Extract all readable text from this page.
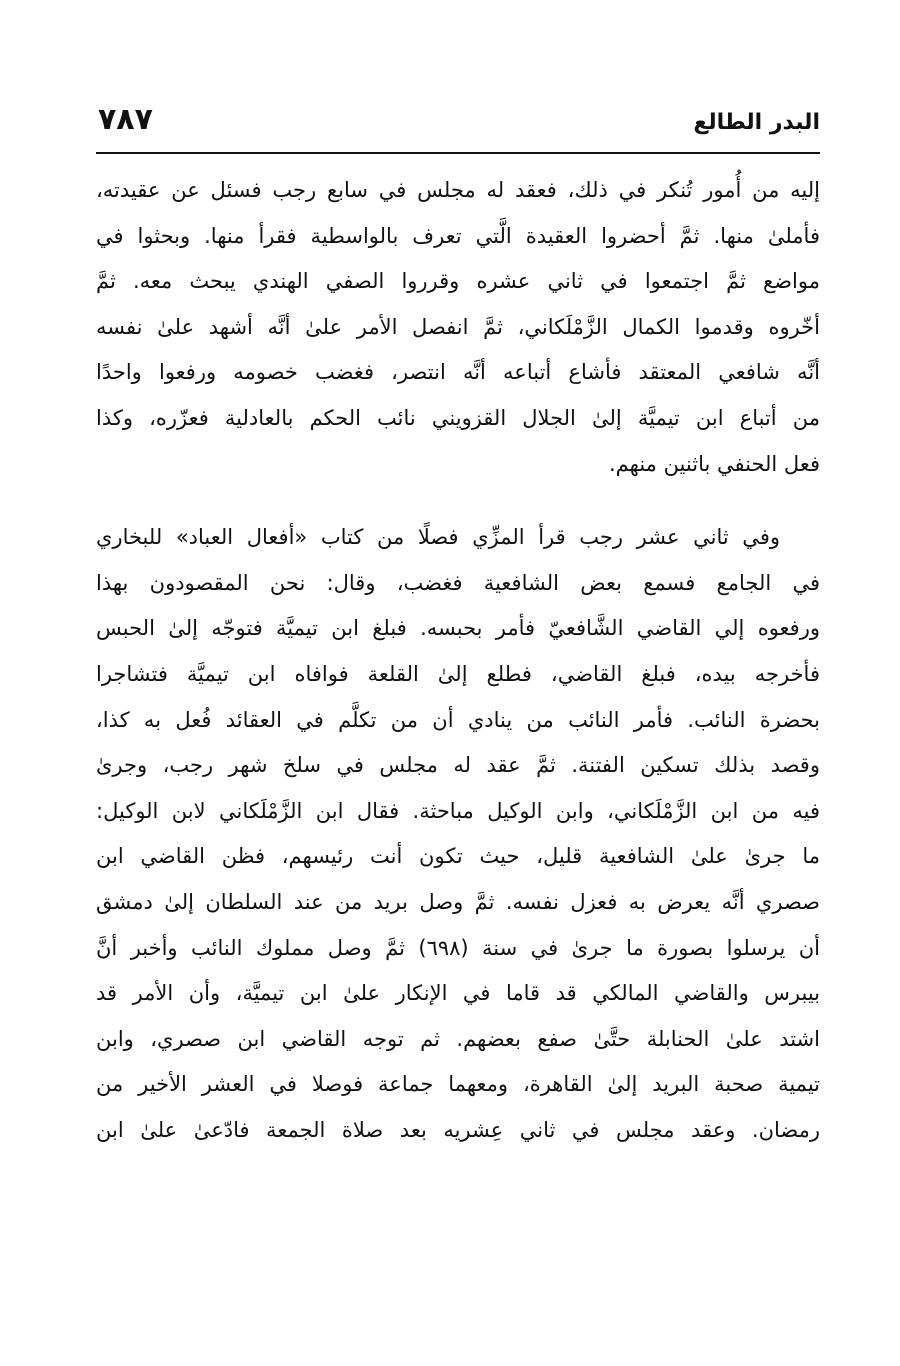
البدر الطالع
٧٨٧
إليه من أُمور تُنكر في ذلك، فعقد له مجلس في سابع رجب فسئل عن عقيدته،
فأملىٰ منها. ثمَّ أحضروا العقيدة الَّتي تعرف بالواسطية فقرأ منها. وبحثوا في
مواضع ثمَّ اجتمعوا في ثاني عشره وقرروا الصفي الهندي يبحث معه. ثمَّ
أخّروه وقدموا الكمال الزَّمْلَكاني، ثمَّ انفصل الأمر علىٰ أنَّه أشهد علىٰ نفسه
أنَّه شافعي المعتقد فأشاع أتباعه أنَّه انتصر، فغضب خصومه ورفعوا واحدًا
من أتباع ابن تيميَّة إلىٰ الجلال القزويني نائب الحكم بالعادلية فعزّره، وكذا
فعل الحنفي باثنين منهم.
وفي ثاني عشر رجب قرأ المزِّي فصلًا من كتاب «أفعال العباد» للبخاري
في الجامع فسمع بعض الشافعية فغضب، وقال: نحن المقصودون بهذا
ورفعوه إلي القاضي الشَّافعيّ فأمر بحبسه. فبلغ ابن تيميَّة فتوجّه إلىٰ الحبس
فأخرجه بيده، فبلغ القاضي، فطلع إلىٰ القلعة فوافاه ابن تيميَّة فتشاجرا
بحضرة النائب. فأمر النائب من ينادي أن من تكلَّم في العقائد فُعل به كذا،
وقصد بذلك تسكين الفتنة. ثمَّ عقد له مجلس في سلخ شهر رجب، وجرىٰ
فيه من ابن الزَّمْلَكاني، وابن الوكيل مباحثة. فقال ابن الزَّمْلَكاني لابن الوكيل:
ما جرىٰ علىٰ الشافعية قليل، حيث تكون أنت رئيسهم، فظن القاضي ابن
صصري أنَّه يعرض به فعزل نفسه. ثمَّ وصل بريد من عند السلطان إلىٰ دمشق
أن يرسلوا بصورة ما جرىٰ في سنة (٦٩٨) ثمَّ وصل مملوك النائب وأخبر أنَّ
بيبرس والقاضي المالكي قد قاما في الإنكار علىٰ ابن تيميَّة، وأن الأمر قد
اشتد علىٰ الحنابلة حتَّىٰ صفع بعضهم. ثم توجه القاضي ابن صصري، وابن
تيمية صحبة البريد إلىٰ القاهرة، ومعهما جماعة فوصلا في العشر الأخير من
رمضان. وعقد مجلس في ثاني عِشريه بعد صلاة الجمعة فادّعىٰ علىٰ ابن
